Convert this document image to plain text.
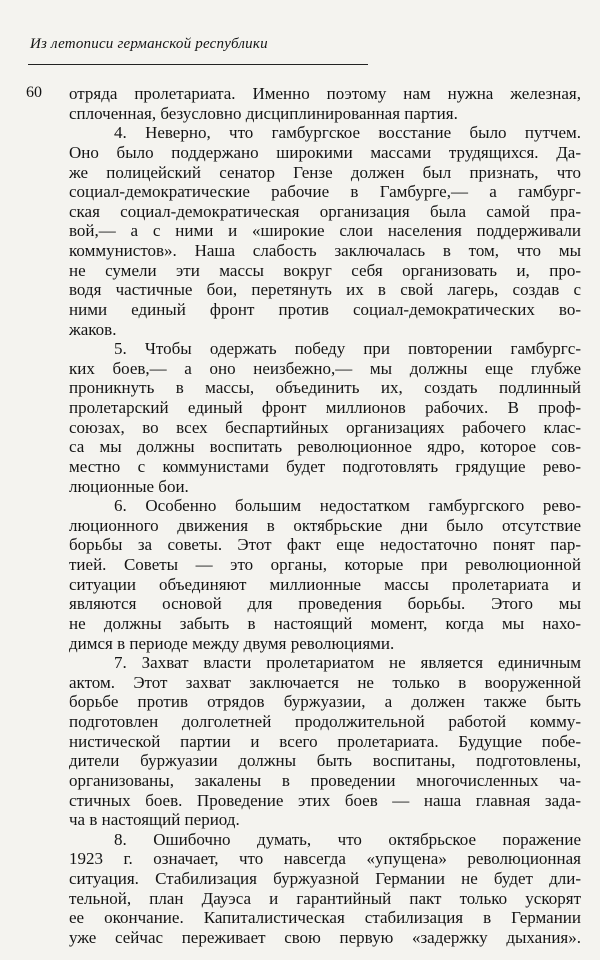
Из летописи германской республики
60 отряда пролетариата. Именно поэтому нам нужна железная,
сплоченная, безусловно дисциплинированная партия.
4. Неверно, что гамбургское восстание было путчем.
Оно было поддержано широкими массами трудящихся. Да-
же полицейский сенатор Гензе должен был признать, что
социал-демократические рабочие в Гамбурге,— а гамбург-
ская социал-демократическая организация была самой пра-
вой,— а с ними и «широкие слои населения поддерживали
коммунистов». Наша слабость заключалась в том, что мы
не сумели эти массы вокруг себя организовать и, про-
водя частичные бои, перетянуть их в свой лагерь, создав с
ними единый фронт против социал-демократических во-
жаков.
5. Чтобы одержать победу при повторении гамбургс-
ких боев,— а оно неизбежно,— мы должны еще глубже
проникнуть в массы, объединить их, создать подлинный
пролетарский единый фронт миллионов рабочих. В проф-
союзах, во всех беспартийных организациях рабочего клас-
са мы должны воспитать революционное ядро, которое сов-
местно с коммунистами будет подготовлять грядущие рево-
люционные бои.
6. Особенно большим недостатком гамбургского рево-
люционного движения в октябрьские дни было отсутствие
борьбы за советы. Этот факт еще недостаточно понят пар-
тией. Советы — это органы, которые при революционной
ситуации объединяют миллионные массы пролетариата и
являются основой для проведения борьбы. Этого мы
не должны забыть в настоящий момент, когда мы нахо-
димся в периоде между двумя революциями.
7. Захват власти пролетариатом не является единичным
актом. Этот захват заключается не только в вооруженной
борьбе против отрядов буржуазии, а должен также быть
подготовлен долголетней продолжительной работой комму-
нистической партии и всего пролетариата. Будущие побе-
дители буржуазии должны быть воспитаны, подготовлены,
организованы, закалены в проведении многочисленных ча-
стичных боев. Проведение этих боев — наша главная зада-
ча в настоящий период.
8. Ошибочно думать, что октябрьское поражение
1923 г. означает, что навсегда «упущена» революционная
ситуация. Стабилизация буржуазной Германии не будет дли-
тельной, план Дауэса и гарантийный пакт только ускорят
ее окончание. Капиталистическая стабилизация в Германии
уже сейчас переживает свою первую «задержку дыхания».
